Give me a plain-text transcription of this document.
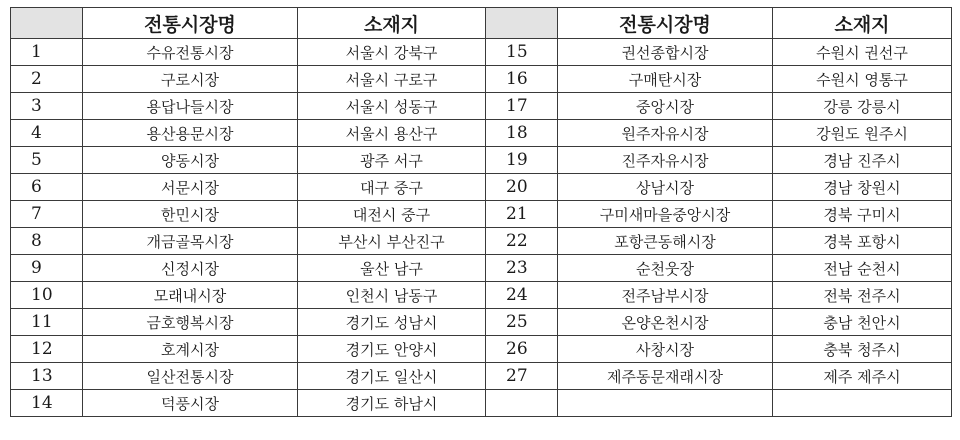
	전통시장명	소재지		전통시장명	소재지
1	수유전통시장	서울시 강북구	15	권선종합시장	수원시 권선구
2	구로시장	서울시 구로구	16	구매탄시장	수원시 영통구
3	용답나들시장	서울시 성동구	17	중앙시장	강릉 강릉시
4	용산용문시장	서울시 용산구	18	원주자유시장	강원도 원주시
5	양동시장	광주 서구	19	진주자유시장	경남 진주시
6	서문시장	대구 중구	20	상남시장	경남 창원시
7	한민시장	대전시 중구	21	구미새마을중앙시장	경북 구미시
8	개금골목시장	부산시 부산진구	22	포항큰동해시장	경북 포항시
9	신정시장	울산 남구	23	순천웃장	전남 순천시
10	모래내시장	인천시 남동구	24	전주남부시장	전북 전주시
11	금호행복시장	경기도 성남시	25	온양온천시장	충남 천안시
12	호계시장	경기도 안양시	26	사창시장	충북 청주시
13	일산전통시장	경기도 일산시	27	제주동문재래시장	제주 제주시
14	덕풍시장	경기도 하남시			
